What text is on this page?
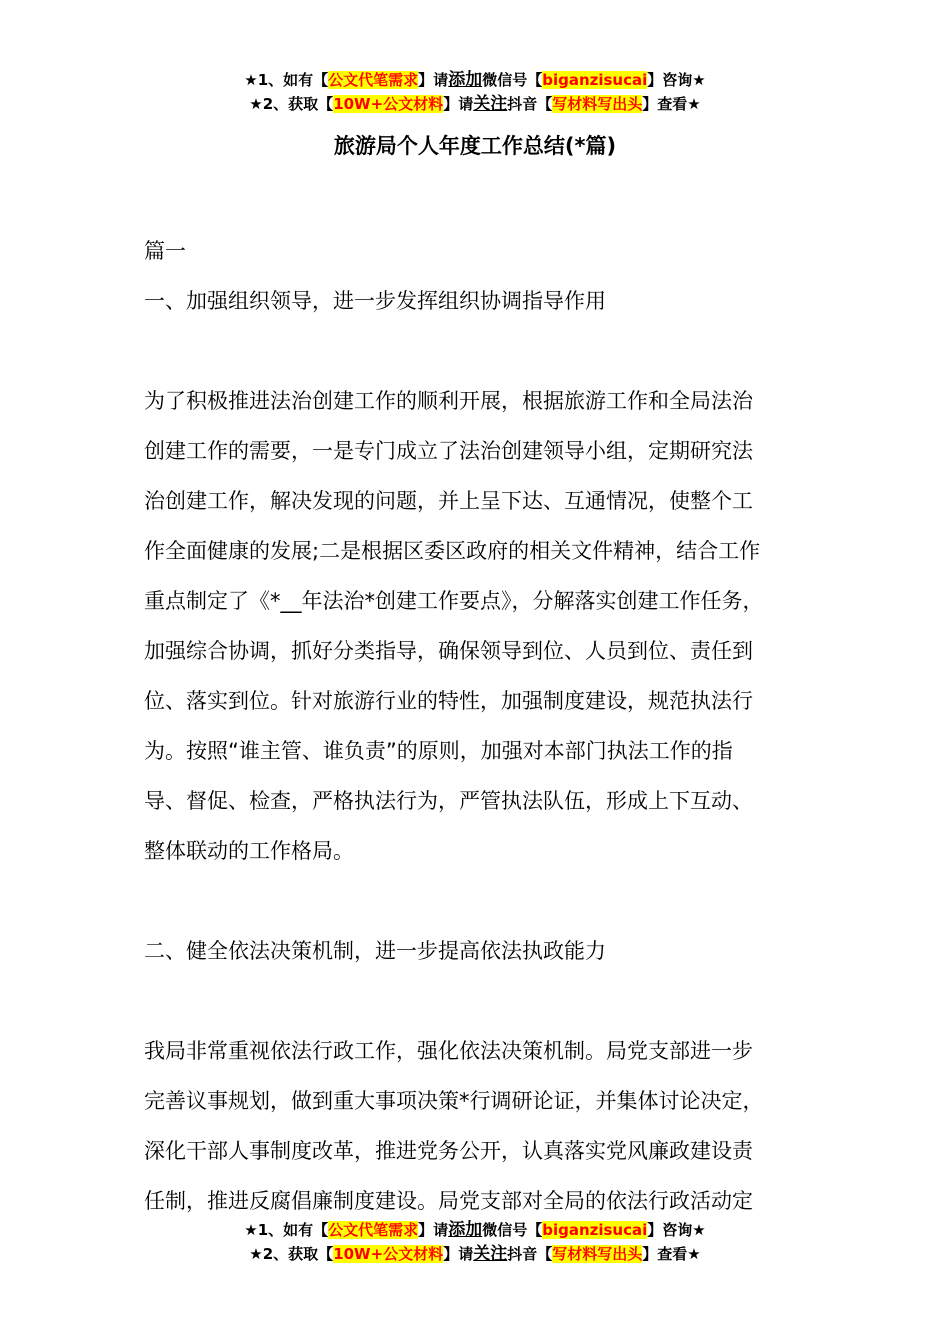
★1、如有【公文代笔需求】请添加微信号【biganzisucai】咨询★
★2、获取【10W+公文材料】请关注抖音【写材料写出头】查看★
旅游局个人年度工作总结(*篇)

篇一

一、加强组织领导，进一步发挥组织协调指导作用

为了积极推进法治创建工作的顺利开展，根据旅游工作和全局法治

创建工作的需要，一是专门成立了法治创建领导小组，定期研究法

治创建工作，解决发现的问题，并上呈下达、互通情况，使整个工

作全面健康的发展;二是根据区委区政府的相关文件精神，结合工作

重点制定了《*__年法治*创建工作要点》，分解落实创建工作任务，

加强综合协调，抓好分类指导，确保领导到位、人员到位、责任到

位、落实到位。针对旅游行业的特性，加强制度建设，规范执法行

为。按照“谁主管、谁负责”的原则，加强对本部门执法工作的指

导、督促、检查，严格执法行为，严管执法队伍，形成上下互动、

整体联动的工作格局。

二、健全依法决策机制，进一步提高依法执政能力

我局非常重视依法行政工作，强化依法决策机制。局党支部进一步

完善议事规划，做到重大事项决策*行调研论证，并集体讨论决定，

深化干部人事制度改革，推进党务公开，认真落实党风廉政建设责

任制，推进反腐倡廉制度建设。局党支部对全局的依法行政活动定

★1、如有【公文代笔需求】请添加微信号【biganzisucai】咨询★
★2、获取【10W+公文材料】请关注抖音【写材料写出头】查看★
